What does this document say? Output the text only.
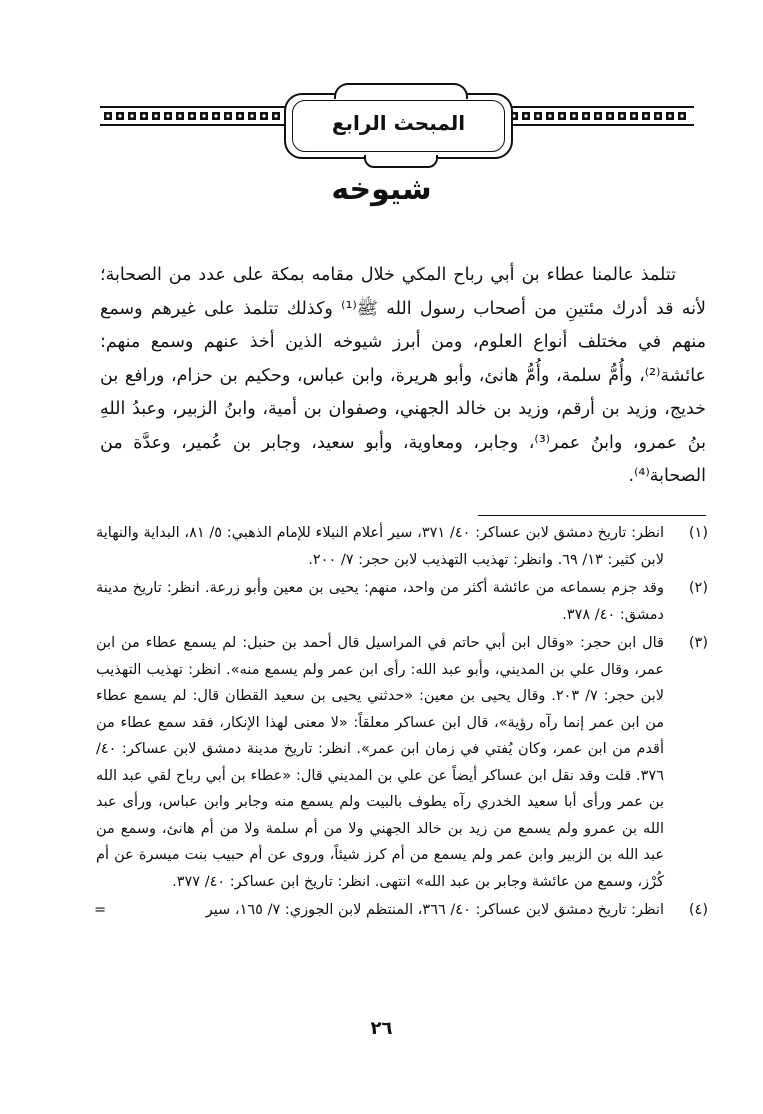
المبحث الرابع
شيوخه

تتلمذ عالمنا عطاء بن أبي رباح المكي خلال مقامه بمكة على عدد من الصحابة؛ لأنه قد أدرك مئتينِ من أصحاب رسول الله ﷺ⁽¹⁾ وكذلك تتلمذ على غيرهم وسمع منهم في مختلف أنواع العلوم، ومن أبرز شيوخه الذين أخذ عنهم وسمع منهم: عائشة⁽²⁾، وأُمُّ سلمة، وأُمُّ هانئ، وأبو هريرة، وابن عباس، وحكيم بن حزام، ورافع بن خديج، وزيد بن أرقم، وزيد بن خالد الجهني، وصفوان بن أمية، وابنُ الزبير، وعبدُ اللهِ بنُ عمرو، وابنُ عمر⁽³⁾، وجابر، ومعاوية، وأبو سعيد، وجابر بن عُمير، وعدَّة من الصحابة⁽⁴⁾.

(١)
انظر: تاريخ دمشق لابن عساكر: ٤٠/ ٣٧١، سير أعلام النبلاء للإمام الذهبي: ٥/ ٨١، البداية والنهاية لابن كثير: ١٣/ ٦٩. وانظر: تهذيب التهذيب لابن حجر: ٧/ ٢٠٠.
(٢)
وقد جزم بسماعه من عائشة أكثر من واحد، منهم: يحيى بن معين وأبو زرعة. انظر: تاريخ مدينة دمشق: ٤٠/ ٣٧٨.
(٣)
قال ابن حجر: «وقال ابن أبي حاتم في المراسيل قال أحمد بن حنبل: لم يسمع عطاء من ابن عمر، وقال علي بن المديني، وأبو عبد الله: رأى ابن عمر ولم يسمع منه». انظر: تهذيب التهذيب لابن حجر: ٧/ ٢٠٣. وقال يحيى بن معين: «حدثني يحيى بن سعيد القطان قال: لم يسمع عطاء من ابن عمر إنما رآه رؤية»، قال ابن عساكر معلقاً: «لا معنى لهذا الإنكار، فقد سمع عطاء من أقدم من ابن عمر، وكان يُفتي في زمان ابن عمر». انظر: تاريخ مدينة دمشق لابن عساكر: ٤٠/ ٣٧٦. قلت وقد نقل ابن عساكر أيضاً عن علي بن المديني قال: «عطاء بن أبي رباح لقي عبد الله بن عمر ورأى أبا سعيد الخدري رآه يطوف بالبيت ولم يسمع منه وجابر وابن عباس، ورأى عبد الله بن عمرو ولم يسمع من زيد بن خالد الجهني ولا من أم سلمة ولا من أم هانئ، وسمع من عبد الله بن الزبير وابن عمر ولم يسمع من أم كرز شيئاً، وروى عن أم حبيب بنت ميسرة عن أم كُرْز، وسمع من عائشة وجابر بن عبد الله» انتهى. انظر: تاريخ ابن عساكر: ٤٠/ ٣٧٧.
(٤)
انظر: تاريخ دمشق لابن عساكر: ٤٠/ ٣٦٦، المنتظم لابن الجوزي: ٧/ ١٦٥، سير
=
٢٦
